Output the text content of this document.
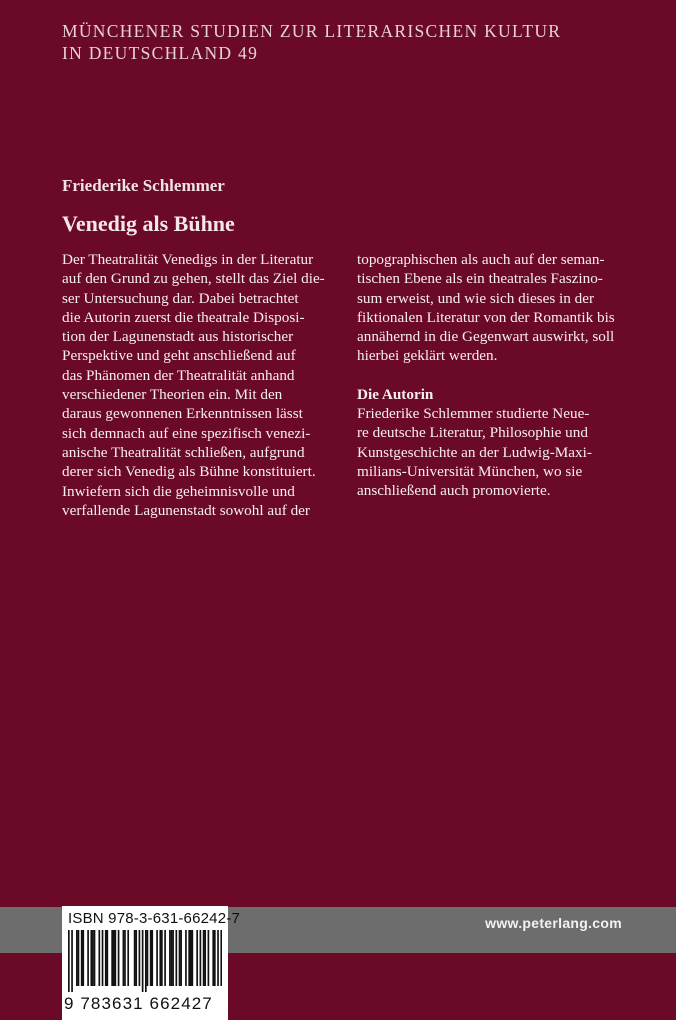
MÜNCHENER STUDIEN ZUR LITERARISCHEN KULTUR
IN DEUTSCHLAND 49
Friederike Schlemmer
Venedig als Bühne
Der Theatralität Venedigs in der Literatur
auf den Grund zu gehen, stellt das Ziel die-
ser Untersuchung dar. Dabei betrachtet
die Autorin zuerst die theatrale Disposi-
tion der Lagunenstadt aus historischer
Perspektive und geht anschließend auf
das Phänomen der Theatralität anhand
verschiedener Theorien ein. Mit den
daraus gewonnenen Erkenntnissen lässt
sich demnach auf eine spezifisch venezi-
anische Theatralität schließen, aufgrund
derer sich Venedig als Bühne konstituiert.
Inwiefern sich die geheimnisvolle und
verfallende Lagunenstadt sowohl auf der
topographischen als auch auf der seman-
tischen Ebene als ein theatrales Faszino-
sum erweist, und wie sich dieses in der
fiktionalen Literatur von der Romantik bis
annähernd in die Gegenwart auswirkt, soll
hierbei geklärt werden.
Die Autorin
Friederike Schlemmer studierte Neue-
re deutsche Literatur, Philosophie und
Kunstgeschichte an der Ludwig-Maxi-
milians-Universität München, wo sie
anschließend auch promovierte.
www.peterlang.com
ISBN 978-3-631-66242-7
9 783631 662427
